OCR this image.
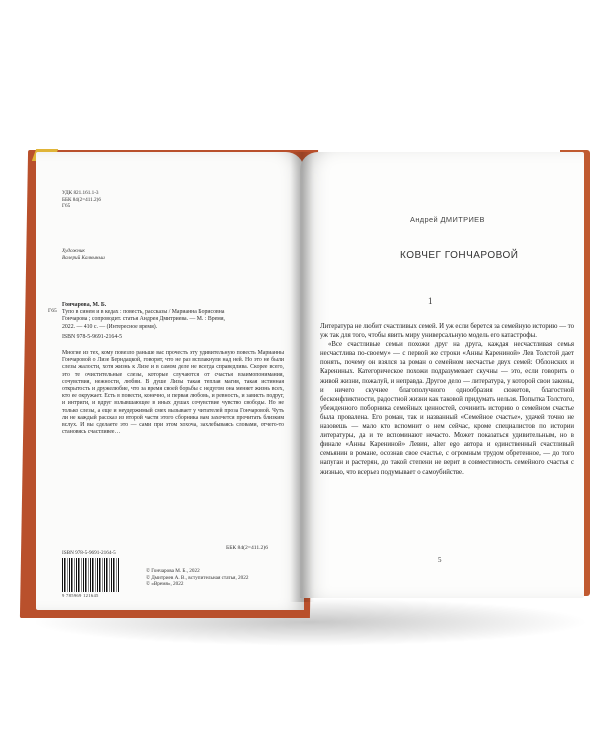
УДК 821.161.1-3
ББК 84(2=411.2)6
Г65
Художник
Валерий Калныньш
Г65
Гончарова, М. Б.
Тупо в синем и в кедах : повесть, рассказы / Марианна Борисовна
Гончарова ; сопроводит. статья Андрея Дмитриева. — М. : Время,
2022. — 410 с. — (Интересное время).
ISBN 978-5-9691-2164-5
Многие из тех, кому повезло раньше вас прочесть эту удивительную повесть Марианны Гончаровой о Лизе Берндацкой, говорят, что не раз всплакнули над ней. Но это не были слезы жалости, хотя жизнь к Лизе и в самом деле не всегда справедлива. Скорее всего, это те очистительные слезы, которые случаются от счастья взаимопонимания, сочувствия, нежности, любви. В душе Лизы такая теплая магия, такая истинная открытость и дружелюбие, что за время своей борьбы с недугом она меняет жизнь всех, кто ее окружает. Есть в повести, конечно, и первая любовь, и ревность, и зависть подруг, и интриги, и вдруг взлывшающее в иных душах сочувствие чувство свободы. Но не только слезы, а еще и неудержимый смех вызывает у читателей проза Гончаровой. Чуть ли не каждый рассказ из второй части этого сборника вам захочется прочитать близким вслух. И вы сделаете это — сами при этом хохоча, захлебываясь словами, отчего-то становясь счастливее…
ББК 84(2=411.2)6
ISBN 978-5-9691-2164-5
9 785969 121645
© Гончарова М. Б., 2022
© Дмитриев А. В., вступительная статья, 2022
© «Время», 2022
Андрей ДМИТРИЕВ
КОВЧЕГ ГОНЧАРОВОЙ
1

Литература не любит счастливых семей. И уж если берется за семейную историю — то уж так для того, чтобы явить миру универсальную модель его катастрофы.

«Все счастливые семьи похожи друг на друга, каждая несчастливая семья несчастлива по-своему» — с первой же строки «Анны Карениной» Лев Толстой дает понять, почему он взялся за роман о семейном несчастье двух семей: Облонских и Карениных. Категорическое похожи подразумевает скучны — это, если говорить о живой жизни, пожалуй, и неправда. Другое дело — литература, у которой свои законы, и ничего скучнее благополучного однообразия сюжетов, благостной бесконфликтности, радостной жизни как таковой придумать нельзя. Попытка Толстого, убежденного поборника семейных ценностей, сочинить историю о семейном счастье была провалена. Его роман, так и названный «Семейное счастье», удачей точно не назовешь — мало кто вспомнит о нем сейчас, кроме специалистов по истории литературы, да и те вспоминают нечасто. Может показаться удивительным, но в финале «Анны Карениной» Левин, alter ego автора и единственный счастливый семьянин в романе, осознав свое счастье, с огромным трудом обретенное, — до того напуган и растерян, до такой степени не верит в совместимость семейного счастья с жизнью, что всерьез подумывает о самоубийстве.

5
